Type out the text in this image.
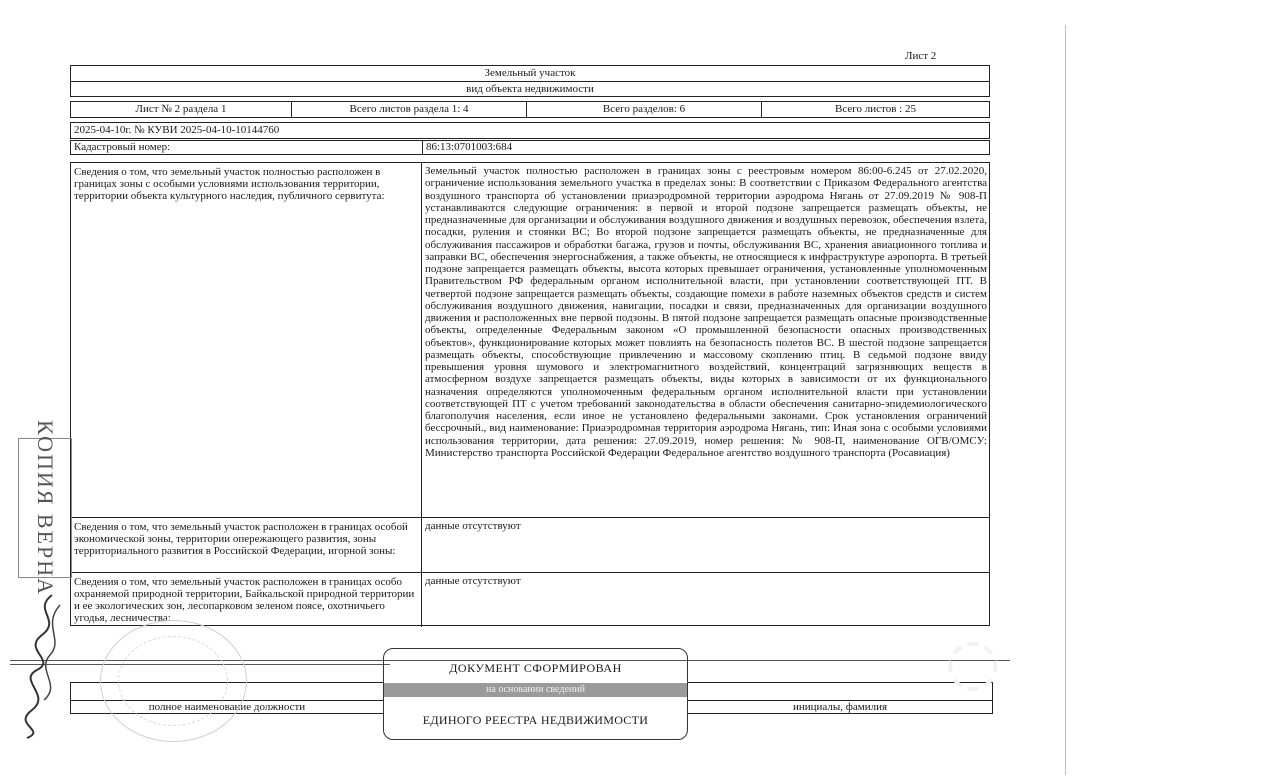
Лист 2
Земельный участок
вид объекта недвижимости
Лист № 2 раздела 1	Всего листов раздела 1: 4	Всего разделов: 6	Всего листов : 25
2025-04-10г. № КУВИ 2025-04-10-10144760
Кадастровый номер:	86:13:0701003:684
Сведения о том, что земельный участок полностью расположен в границах зоны с особыми условиями использования территории, территории объекта культурного наследия, публичного сервитута:
Земельный участок полностью расположен в границах зоны с реестровым номером 86:00-6.245 от 27.02.2020, ограничение использования земельного участка в пределах зоны: В соответствии с Приказом Федерального агентства воздушного транспорта об установлении приаэродромной территории аэродрома Нягань от 27.09.2019 № 908-П устанавливаются следующие ограничения: в первой и второй подзоне запрещается размещать объекты, не предназначенные для организации и обслуживания воздушного движения и воздушных перевозок, обеспечения взлета, посадки, руления и стоянки ВС; Во второй подзоне запрещается размещать объекты, не предназначенные для обслуживания пассажиров и обработки багажа, грузов и почты, обслуживания ВС, хранения авиационного топлива и заправки ВС, обеспечения энергоснабжения, а также объекты, не относящиеся к инфраструктуре аэропорта. В третьей подзоне запрещается размещать объекты, высота которых превышает ограничения, установленные уполномоченным Правительством РФ федеральным органом исполнительной власти, при установлении соответствующей ПТ. В четвертой подзоне запрещается размещать объекты, создающие помехи в работе наземных объектов средств и систем обслуживания воздушного движения, навигации, посадки и связи, предназначенных для организации воздушного движения и расположенных вне первой подзоны. В пятой подзоне запрещается размещать опасные производственные объекты, определенные Федеральным законом «О промышленной безопасности опасных производственных объектов», функционирование которых может повлиять на безопасность полетов ВС. В шестой подзоне запрещается размещать объекты, способствующие привлечению и массовому скоплению птиц. В седьмой подзоне ввиду превышения уровня шумового и электромагнитного воздействий, концентраций загрязняющих веществ в атмосферном воздухе запрещается размещать объекты, виды которых в зависимости от их функционального назначения определяются уполномоченным федеральным органом исполнительной власти при установлении соответствующей ПТ с учетом требований законодательства в области обеспечения санитарно-эпидемиологического благополучия населения, если иное не установлено федеральными законами. Срок установления ограничений бессрочный., вид наименование: Приаэродромная территория аэродрома Нягань, тип: Иная зона с особыми условиями использования территории, дата решения: 27.09.2019, номер решения: № 908-П, наименование ОГВ/ОМСУ: Министерство транспорта Российской Федерации Федеральное агентство воздушного транспорта (Росавиация)
Сведения о том, что земельный участок расположен в границах особой экономической зоны, территории опережающего развития, зоны территориального развития в Российской Федерации, игорной зоны:
данные отсутствуют
Сведения о том, что земельный участок расположен в границах особо охраняемой природной территории, Байкальской природной территории и ее экологических зон, лесопарковом зеленом поясе, охотничьего угодья, лесничества:
данные отсутствуют
полное наименование должности	инициалы, фамилия
ДОКУМЕНТ СФОРМИРОВАН
на основании сведений
ЕДИНОГО РЕЕСТРА НЕДВИЖИМОСТИ
КОПИЯ ВЕРНА
◌
